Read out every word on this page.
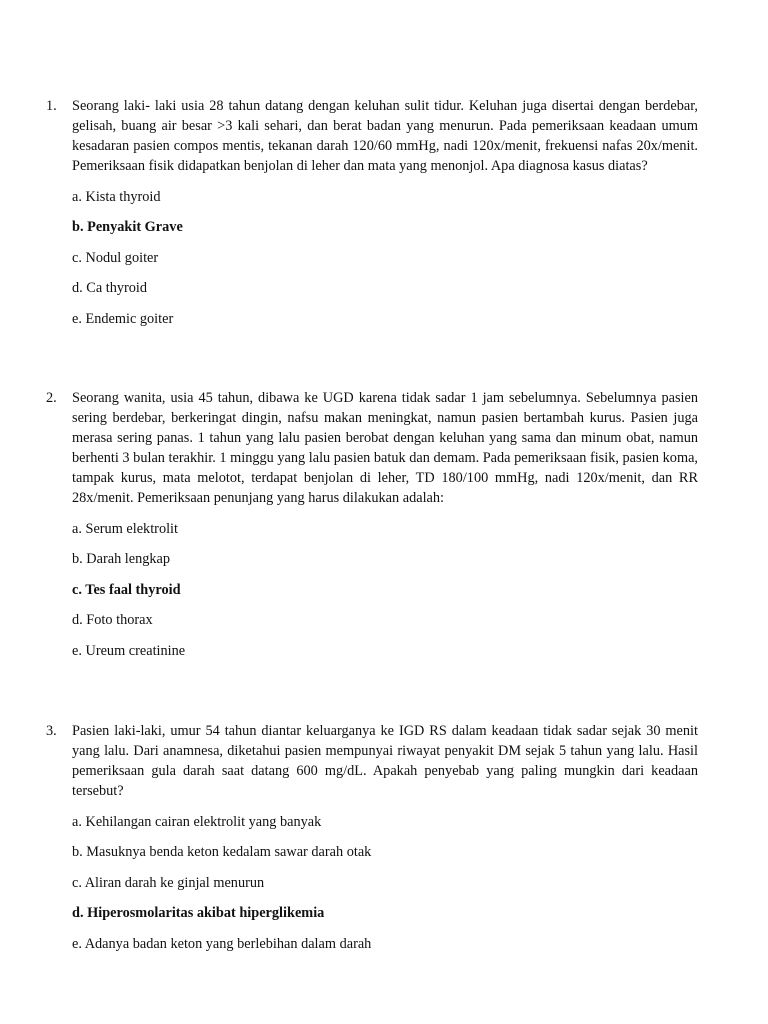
1. Seorang laki- laki usia 28 tahun datang dengan keluhan sulit tidur. Keluhan juga disertai dengan berdebar, gelisah, buang air besar >3 kali sehari, dan berat badan yang menurun. Pada pemeriksaan keadaan umum kesadaran pasien compos mentis, tekanan darah 120/60 mmHg, nadi 120x/menit, frekuensi nafas 20x/menit. Pemeriksaan fisik didapatkan benjolan di leher dan mata yang menonjol. Apa diagnosa kasus diatas?

a. Kista thyroid
b. Penyakit Grave
c. Nodul goiter
d. Ca thyroid
e. Endemic goiter
2. Seorang wanita, usia 45 tahun, dibawa ke UGD karena tidak sadar 1 jam sebelumnya. Sebelumnya pasien sering berdebar, berkeringat dingin, nafsu makan meningkat, namun pasien bertambah kurus. Pasien juga merasa sering panas. 1 tahun yang lalu pasien berobat dengan keluhan yang sama dan minum obat, namun berhenti 3 bulan terakhir. 1 minggu yang lalu pasien batuk dan demam. Pada pemeriksaan fisik, pasien koma, tampak kurus, mata melotot, terdapat benjolan di leher, TD 180/100 mmHg, nadi 120x/menit, dan RR 28x/menit. Pemeriksaan penunjang yang harus dilakukan adalah:

a. Serum elektrolit
b. Darah lengkap
c. Tes faal thyroid
d. Foto thorax
e. Ureum creatinine
3. Pasien laki-laki, umur 54 tahun diantar keluarganya ke IGD RS dalam keadaan tidak sadar sejak 30 menit yang lalu. Dari anamnesa, diketahui pasien mempunyai riwayat penyakit DM sejak 5 tahun yang lalu. Hasil pemeriksaan gula darah saat datang 600 mg/dL. Apakah penyebab yang paling mungkin dari keadaan tersebut?

a. Kehilangan cairan elektrolit yang banyak
b. Masuknya benda keton kedalam sawar darah otak
c. Aliran darah ke ginjal menurun
d. Hiperosmolaritas akibat hiperglikemia
e. Adanya badan keton yang berlebihan dalam darah
